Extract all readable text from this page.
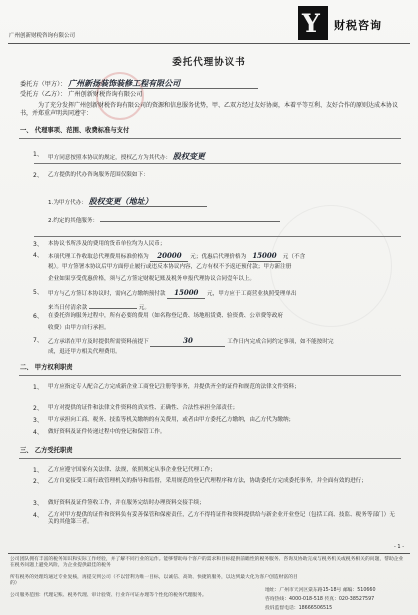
广州创新财税咨询有限公司	Y 财税咨询
委托代理协议书
委托方（甲方）： 广州新扬装饰装修工程有限公司
受托方（乙方）： 广州创新财税咨询有限公司
为了充分发挥广州创新财税咨询有限公司的资源和信息服务优势，甲、乙双方经过友好协商，本着平等互利、友好合作的原则达成本协议书，并郑重声明共同遵守：
一、 代理事项、范围、收费标准与支付
1、 甲方同意按照本协议的规定，授权乙方为其代办： 股权变更
2、 乙方提供的代办咨询服务范围仅限如下：
1.为甲方代办： 股权变更（地址）
2.约定的其他服务：
3、 本协议书所涉及的费用的货币单位均为人民币；
4、 本项代理工作收取总代理费用标准价格为 20000 元；优惠后代理价格为 15000 元（不含
税）。甲方签署本协议后甲方面停止履行或违反本协议内容，乙方有权不予返还预付款；甲方新注册
企业如果享受优惠价格，须与乙方签定财税记账及税务申报代理协议合同壹年以上。
5、 甲方与乙方签订本协议时，需向乙方缴纳预付款 15000 元，甲方应于工商营业执照受理单出
来当日付清余款	元。
6、 在委托咨询服务过程中，所有必要的费用（如名称登记费、场地租赁费、验资费、公章费等政府
收费）由甲方自行承担。
7、 乙方承诺在甲方及时提供所需资料前提下	30	工作日内完成合同约定事项，如不能按时完
成，退还甲方相关代理费用。
二、 甲方权利职责
1、 甲方应指定专人配合乙方完成新企业工商登记注册等事务，并提供齐全的证件和规范的法律文件资料；
2、 甲方对提供的证件和法律文件资料的真实性、正确性、合法性承担全部责任；
3、 甲方承担向工商、税务、技监等机关缴纳的有关费用，或者由甲方委托乙方缴纳，由乙方代为缴纳；
4、 做好资料及证件传递过程中的登记和保管工作。
三、 乙方受托职责
1、 乙方应遵守国家有关法律、法规，依照规定从事企业登记代理工作；
2、 乙方自觉接受工商行政管理机关的指导和监督，采用规范的登记代理程序和方法，协助委托方完成委托事务，并全面有效的进行；
3、 做好资料及证件签收工作，并在服务完结时办理资料交接手续；
4、 乙方对甲方提供的证件和资料负有妥善保管和保密责任，乙方不得将证件和资料提供给与新企业开业登记（包括工商、技监、税务等部门）无关的其他第三者。
- 1 -
公司团队拥有丰富的税务知识和实际工作经验，并了解不同行业的运作。能够帮助每个客户的需求和目标提供前瞻性的税务服务、咨询及协助完成与税务机关或税务相关的问题，帮助企业在税务问题上避免风险，为企业提供最佳的税务
所有税务的处理均通过专业复核，再提交到公司（不以营利为唯一目标，以诚信、高效、快捷的服务，以达到最大化为客户创造财富的目的）
公司服务范围：代理记账、税务代理、审计验资、行业许可证办理等个性化的税务代理服务。
地址：广州市天河区棠东路15-18号 邮编：510660
咨询热线：4000-018-518 传真：020-38527597
投诉监督电话：18666506515
